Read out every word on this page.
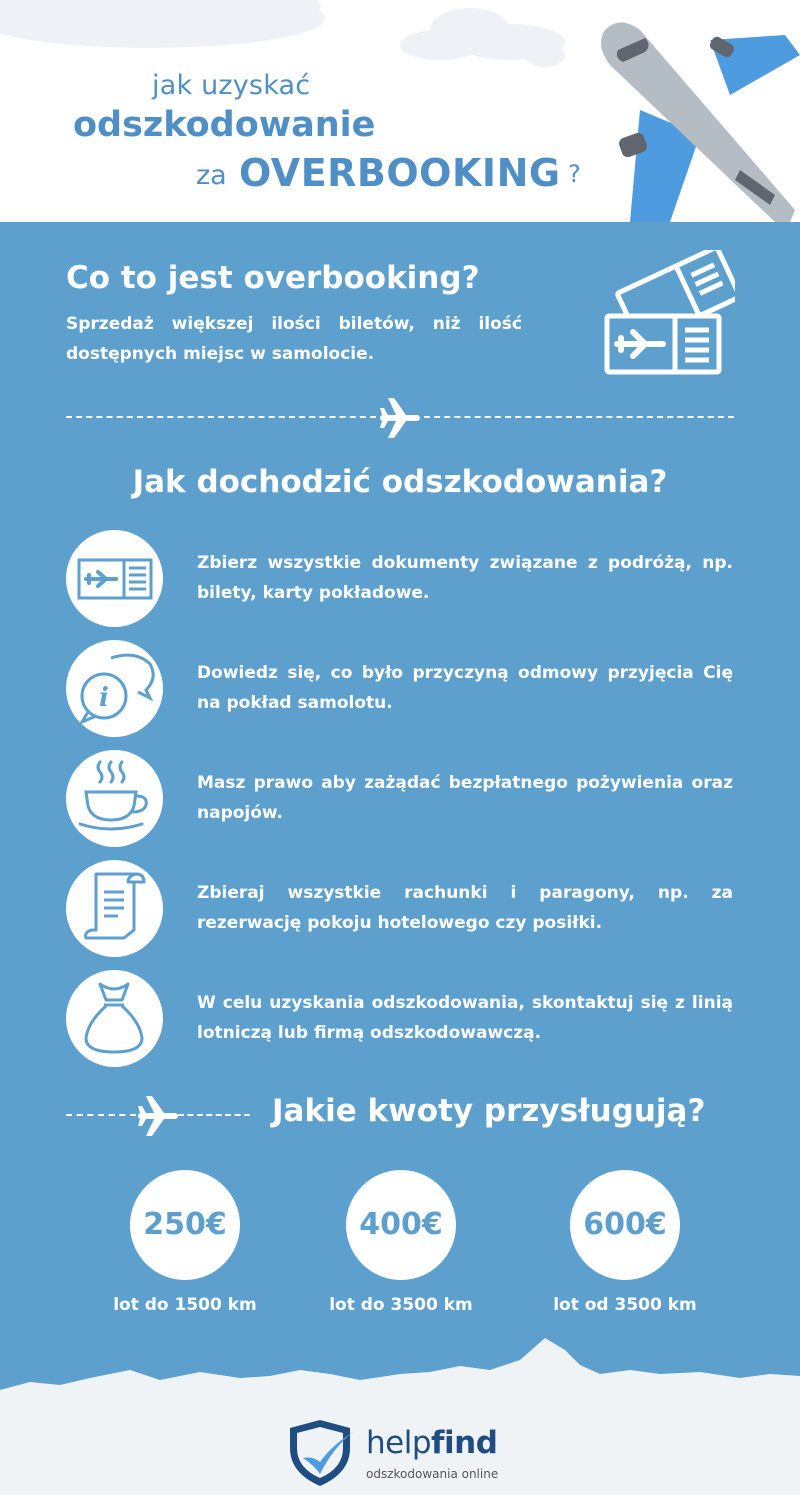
jak uzyskać
odszkodowanie
za OVERBOOKING ?
Co to jest overbooking?
Sprzedaż większej ilości biletów, niż ilość dostępnych miejsc w samolocie.
Jak dochodzić odszkodowania?
Zbierz wszystkie dokumenty związane z podróżą, np. bilety, karty pokładowe.
i
Dowiedz się, co było przyczyną odmowy przyjęcia Cię na pokład samolotu.
Masz prawo aby zażądać bezpłatnego pożywienia oraz napojów.
Zbieraj wszystkie rachunki i paragony, np. za rezerwację pokoju hotelowego czy posiłki.
W celu uzyskania odszkodowania, skontaktuj się z linią lotniczą lub firmą odszkodowawczą.
Jakie kwoty przysługują?
250€	400€	600€
lot do 1500 km	lot do 3500 km	lot od 3500 km
helpfind
odszkodowania online
